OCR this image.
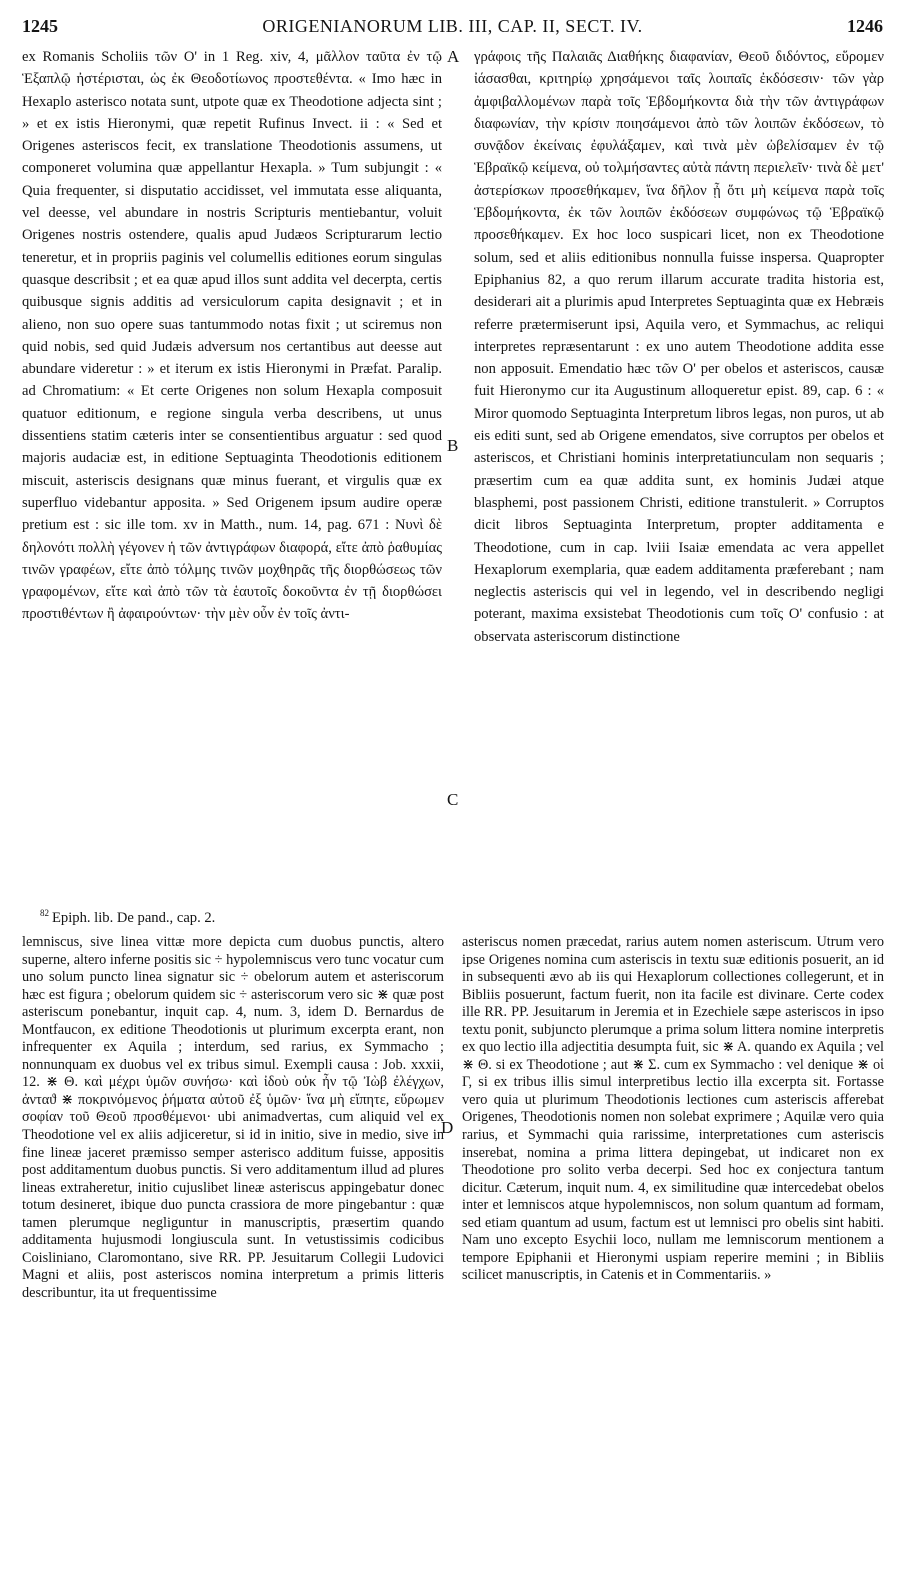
1245	ORIGENIANORUM LIB. III, CAP. II, SECT. IV.	1246

ex Romanis Scholiis τῶν Ο' in 1 Reg. xiv, 4, μᾶλλον ταῦτα ἐν τῷ Ἑξαπλῷ ἠστέρισται, ὡς ἐκ Θεοδοτίωνος προστεθέντα. « Imo hæc in Hexaplo asterisco notata sunt, utpote quæ ex Theodotione adjecta sint ; » et ex istis Hieronymi, quæ repetit Rufinus Invect. ii : « Sed et Origenes asteriscos fecit, ex translatione Theodotionis assumens, ut componeret volumina quæ appellantur Hexapla. » Tum subjungit : « Quia frequenter, si disputatio accidisset, vel immutata esse aliquanta, vel deesse, vel abundare in nostris Scripturis mentiebantur, voluit Origenes nostris ostendere, qualis apud Judæos Scripturarum lectio teneretur, et in propriis paginis vel columellis editiones eorum singulas quasque describsit ; et ea quæ apud illos sunt addita vel decerpta, certis quibusque signis additis ad versiculorum capita designavit ; et in alieno, non suo opere suas tantummodo notas fixit ; ut sciremus non quid nobis, sed quid Judæis adversum nos certantibus aut deesse aut abundare videretur : » et iterum ex istis Hieronymi in Præfat. Paralip. ad Chromatium: « Et certe Origenes non solum Hexapla composuit quatuor editionum, e regione singula verba describens, ut unus dissentiens statim cæteris inter se consentientibus arguatur : sed quod majoris audaciæ est, in editione Septuaginta Theodotionis editionem miscuit, asteriscis designans quæ minus fuerant, et virgulis quæ ex superfluo videbantur apposita. » Sed Origenem ipsum audire operæ pretium est : sic ille tom. xv in Matth., num. 14, pag. 671 : Νυνὶ δὲ δηλονότι πολλὴ γέγονεν ἡ τῶν ἀντιγράφων διαφορά, εἴτε ἀπὸ ῥαθυμίας τινῶν γραφέων, εἴτε ἀπὸ τόλμης τινῶν μοχθηρᾶς τῆς διορθώσεως τῶν γραφομένων, εἴτε καὶ ἀπὸ τῶν τὰ ἑαυτοῖς δοκοῦντα ἐν τῇ διορθώσει προστιθέντων ἢ ἀφαιρούντων· τὴν μὲν οὖν ἐν τοῖς ἀντι-

A
B
C

γράφοις τῆς Παλαιᾶς Διαθήκης διαφανίαν, Θεοῦ διδόντος, εὕρομεν ἰάσασθαι, κριτηρίῳ χρησάμενοι ταῖς λοιπαῖς ἐκδόσεσιν· τῶν γὰρ ἀμφιβαλλομένων παρὰ τοῖς Ἑβδομήκοντα διὰ τὴν τῶν ἀντιγράφων διαφωνίαν, τὴν κρίσιν ποιησάμενοι ἀπὸ τῶν λοιπῶν ἐκδόσεων, τὸ συνᾷδον ἐκείναις ἐφυλάξαμεν, καὶ τινὰ μὲν ὠβελίσαμεν ἐν τῷ Ἑβραϊκῷ κείμενα, οὐ τολμήσαντες αὐτὰ πάντη περιελεῖν· τινὰ δὲ μετ' ἀστερίσκων προσεθήκαμεν, ἵνα δῆλον ᾖ ὅτι μὴ κείμενα παρὰ τοῖς Ἑβδομήκοντα, ἐκ τῶν λοιπῶν ἐκδόσεων συμφώνως τῷ Ἑβραϊκῷ προσεθήκαμεν. Ex hoc loco suspicari licet, non ex Theodotione solum, sed et aliis editionibus nonnulla fuisse inspersa. Quapropter Epiphanius 82, a quo rerum illarum accurate tradita historia est, desiderari ait a plurimis apud Interpretes Septuaginta quæ ex Hebræis referre prætermiserunt ipsi, Aquila vero, et Symmachus, ac reliqui interpretes repræsentarunt : ex uno autem Theodotione addita esse non apposuit. Emendatio hæc τῶν Ο' per obelos et asteriscos, causæ fuit Hieronymo cur ita Augustinum alloqueretur epist. 89, cap. 6 : « Miror quomodo Septuaginta Interpretum libros legas, non puros, ut ab eis editi sunt, sed ab Origene emendatos, sive corruptos per obelos et asteriscos, et Christiani hominis interpretatiunculam non sequaris ; præsertim cum ea quæ addita sunt, ex hominis Judæi atque blasphemi, post passionem Christi, editione transtulerit. » Corruptos dicit libros Septuaginta Interpretum, propter additamenta e Theodotione, cum in cap. lviii Isaiæ emendata ac vera appellet Hexaplorum exemplaria, quæ eadem additamenta præferebant ; nam neglectis asteriscis qui vel in legendo, vel in describendo negligi poterant, maxima exsistebat Theodotionis cum τοῖς Ο' confusio : at observata asteriscorum distinctione

$^{82}$ Epiph. lib. De pand., cap. 2.

lemniscus, sive linea vittæ more depicta cum duobus punctis, altero superne, altero inferne positis sic ÷ hypolemniscus vero tunc vocatur cum uno solum puncto linea signatur sic ÷ obelorum autem et asteriscorum hæc est figura ; obelorum quidem sic ÷ asteriscorum vero sic ⋇ quæ post asteriscum ponebantur, inquit cap. 4, num. 3, idem D. Bernardus de Montfaucon, ex editione Theodotionis ut plurimum excerpta erant, non infrequenter ex Aquila ; interdum, sed rarius, ex Symmacho ; nonnunquam ex duobus vel ex tribus simul. Exempli causa : Job. xxxii, 12. ⋇ Θ. καὶ μέχρι ὑμῶν συνήσω· καὶ ἰδοὺ οὐκ ἦν τῷ Ἰὼβ ἐλέγχων, ἀνταϑ ⋇ ποκρινόμενος ῥήματα αὐτοῦ ἐξ ὑμῶν· ἵνα μὴ εἴπητε, εὕρωμεν σοφίαν τοῦ Θεοῦ προσθέμενοι· ubi animadvertas, cum aliquid vel ex Theodotione vel ex aliis adjiceretur, si id in initio, sive in medio, sive in fine lineæ jaceret præmisso semper asterisco additum fuisse, appositis post additamentum duobus punctis. Si vero additamentum illud ad plures lineas extraheretur, initio cujuslibet lineæ asteriscus appingebatur donec totum desineret, ibique duo puncta crassiora de more pingebantur : quæ tamen plerumque negliguntur in manuscriptis, præsertim quando additamenta hujusmodi longiuscula sunt. In vetustissimis codicibus Coisliniano, Claromontano, sive RR. PP. Jesuitarum Collegii Ludovici Magni et aliis, post asteriscos nomina interpretum a primis litteris describuntur, ita ut frequentissime

D

asteriscus nomen præcedat, rarius autem nomen asteriscum. Utrum vero ipse Origenes nomina cum asteriscis in textu suæ editionis posuerit, an id in subsequenti ævo ab iis qui Hexaplorum collectiones collegerunt, et in Bibliis posuerunt, factum fuerit, non ita facile est divinare. Certe codex ille RR. PP. Jesuitarum in Jeremia et in Ezechiele sæpe asteriscos in ipso textu ponit, subjuncto plerumque a prima solum littera nomine interpretis ex quo lectio illa adjectitia desumpta fuit, sic ⋇ A. quando ex Aquila ; vel ⋇ Θ. si ex Theodotione ; aut ⋇ Σ. cum ex Symmacho : vel denique ⋇ οἱ Γ, si ex tribus illis simul interpretibus lectio illa excerpta sit. Fortasse vero quia ut plurimum Theodotionis lectiones cum asteriscis afferebat Origenes, Theodotionis nomen non solebat exprimere ; Aquilæ vero quia rarius, et Symmachi quia rarissime, interpretationes cum asteriscis inserebat, nomina a prima littera depingebat, ut indicaret non ex Theodotione pro solito verba decerpi. Sed hoc ex conjectura tantum dicitur. Cæterum, inquit num. 4, ex similitudine quæ intercedebat obelos inter et lemniscos atque hypolemniscos, non solum quantum ad formam, sed etiam quantum ad usum, factum est ut lemnisci pro obelis sint habiti. Nam uno excepto Esychii loco, nullam me lemniscorum mentionem a tempore Epiphanii et Hieronymi uspiam reperire memini ; in Bibliis scilicet manuscriptis, in Catenis et in Commentariis. »
